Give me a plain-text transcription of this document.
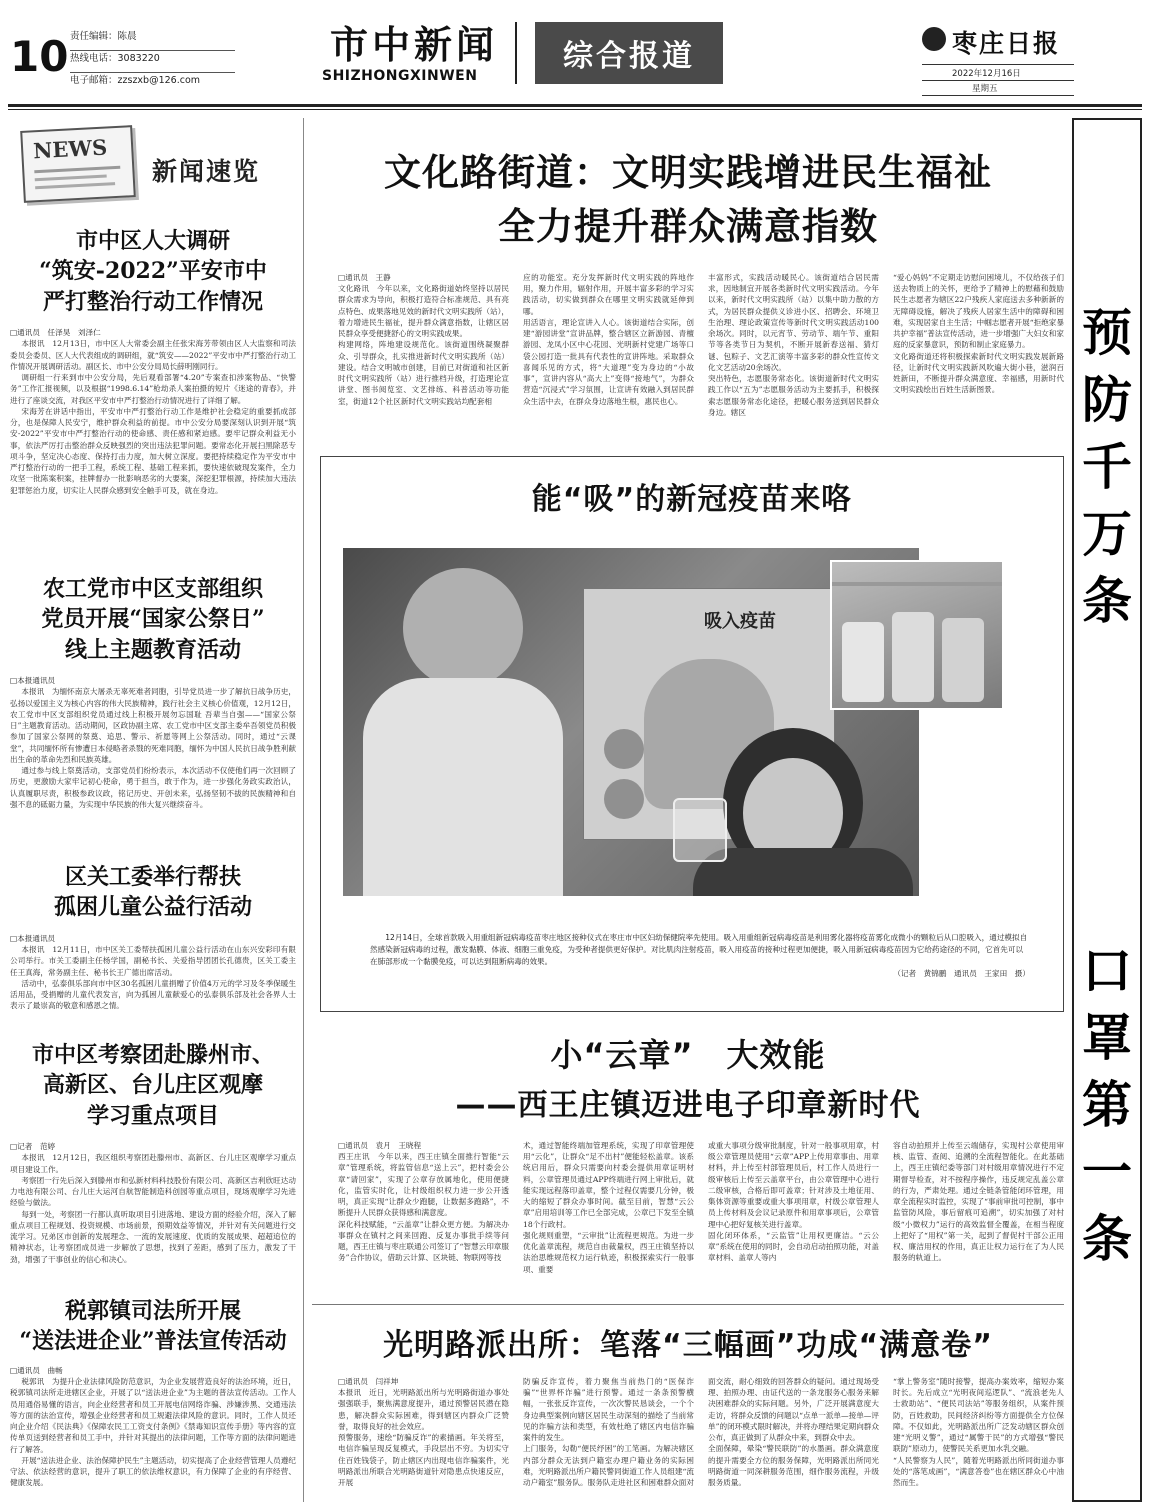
10 责任编辑：陈晨
热线电话：3083220
电子邮箱：zzszxb@126.com
市中新闻
SHIZHONGXINWEN
综合报道	枣庄日报
2022年12月16日
星期五
预
防
千
万
条
口
罩
第
一
条
NEWS
新闻速览
市中区人大调研
“筑安-2022”平安市中
严打整治行动工作情况
□通讯员　任泽昊　刘泽仁

本报讯　12月13日，市中区人大常委会副主任张宋海芳带领由区人大监察和司法委员会委员、区人大代表组成的调研组，就“筑安——2022”平安市中严打整治行动工作情况开展调研活动。副区长、市中公安分局局长薛明刚同行。

调研组一行来到市中公安分局，先后观看部署“4.20”专案查扣涉案物品、“快警务”工作汇报视频，以及根据“1998.6.14”枪劫杀人案拍摄的短片《迷途的青春》，并进行了座谈交流，对我区平安市中严打整治行动情况进行了详细了解。

宋海芳在讲话中指出，平安市中严打整治行动工作是维护社会稳定的重要抓成部分，也是保障人民安宁，维护群众利益的前提。市中公安分局要深刻认识到开展“筑安-2022”平安市中严打整治行动的使命感、责任感和紧迫感。要牢记群众利益无小事，依法严厉打击整治群众反映强烈的突出违法犯罪问题。要常态化开展扫黑除恶专项斗争，坚定决心态度、保持打击力度，加大树立深度。要把持续稳定作为平安市中严打整治行动的一把手工程，系统工程、基础工程来抓，要快速依破现发案件，全力攻坚一批陈案积案，挂牌督办一批影响恶劣的大要案，深挖犯罪根源，持续加大违法犯罪惩治力度，切实让人民群众感到安全触手可及，就在身边。

农工党市中区支部组织
党员开展“国家公祭日”
线上主题教育活动
□本报通讯员

本报讯　为缅怀南京大屠杀无辜死难者同胞，引导党员进一步了解抗日战争历史，弘扬以爱国主义为核心内容的伟大民族精神，践行社会主义核心价值观，12月12日，农工党市中区支部组织党员通过线上积极开展勿忘国耻 吾辈当自强——“国家公祭日”主题教育活动。活动期间，区政协副主席、农工党市中区支部主委牟吾领党员积极参加了国家公祭网的祭奠、追思、警示、祈愿等网上公祭活动。同时，通过“云课堂”，共同缅怀所有惨遭日本侵略者杀戮的死难同胞，缅怀为中国人民抗日战争胜利献出生命的革命先烈和民族英雄。

通过参与线上祭奠活动，支部党员们纷纷表示，本次活动不仅使他们再一次回顾了历史，更激励大家牢记初心使命，勇于担当，敢于作为，进一步强化务政实政治认，认真履职尽责，积极参政议政，铭记历史、开创未来，弘扬坚韧不拔的民族精神和自强不息的砥砺力量，为实现中华民族的伟大复兴继续奋斗。

区关工委举行帮扶
孤困儿童公益行活动
□本报通讯员

本报讯　12月11日，市中区关工委帮扶孤困儿童公益行活动在山东兴安彩印有限公司举行。市关工委副主任杨学国，副秘书长、关爱指导团团长孔德贵，区关工委主任王真海，常务副主任、秘书长王广德出席活动。

活动中，弘泰俱乐部向市中区30名孤困儿童捐赠了价值4万元的学习及冬季保暖生活用品，受捐赠的儿童代表发言，向为孤困儿童献爱心的弘泰俱乐部及社会各界人士表示了最崇高的敬意和感恩之情。

市中区考察团赴滕州市、
高新区、台儿庄区观摩
学习重点项目
□记者　范婷

本报讯　12月12日，我区组织考察团赴滕州市、高新区、台儿庄区观摩学习重点项目建设工作。

考察团一行先后深入到滕州市和弘新材料科技股份有限公司、高新区吉利欣旺达动力电池有限公司、台儿庄大运河自航智能制造科创园等重点项目，现场观摩学习先进经验与做法。

每到一处，考察团一行都认真听取项目引进落地、建设方面的经验介绍，深入了解重点项目工程规划、投资规模、市场前景，预期效益等情况，并针对有关问题进行交流学习。兄弟区市创新的发展理念、一流的发展速度、优质的发展成果、超超追位的精神状态，让考察团成员进一步解放了思想，找到了差距，感到了压力，激发了干劲，增强了干事创业的信心和决心。

税郭镇司法所开展
“送法进企业”普法宣传活动
□通讯员　曲畅

税郭讯　为提升企业法律风险防范意识，为企业发展营造良好的法治环境，近日，税郭镇司法所走进辖区企业，开展了以“送法进企业”为主题的普法宣传活动。工作人员用通俗易懂的语言，向企业经营者和员工开展电信网络诈骗、涉嫌涉黑、交通违法等方面的法治宣传，增强企业经营者和员工规避法律风险的意识。同时，工作人员还向企业介绍《民法典》《保障农民工工资支付条例》《禁毒知识宣传手册》等内容的宣传单页送到经营者和员工手中，并针对其提出的法律问题，工作等方面的法律问题进行了解答。

开展“送法进企业、法治保障护民生”主题活动，切实提高了企业经营管理人员遵纪守法、依法经营的意识，提升了职工的依法维权意识，有力保障了企业的有序经营、健康发展。

文化路街道：文明实践增进民生福祉
全力提升群众满意指数
□通讯员　王静
文化路讯　今年以来，文化路街道始终坚持以居民群众需求为导向，积极打造符合标准规范、具有亮点特色、成果落地见效的新时代文明实践所（站），着力增进民生福祉，提升群众满意指数，让辖区居民群众享受便捷舒心的文明实践成果。
构建网络，阵地建设规范化。该街道围绕凝聚群众、引导群众，扎实推进新时代文明实践所（站）建设。结合文明城市创建，目前已对街道和社区新时代文明实践所（站）进行推档升级，打造理论宣讲堂、图书阅览室、文艺排练、科普活动等功能室，街道12个社区新时代文明实践站均配套相
应的功能室。充分发挥新时代文明实践的阵地作用，聚力作用，辐射作用，开展丰富多彩的学习实践活动，切实做到群众在哪里文明实践就延伸到哪。
用活语言，理论宣讲入人心。该街道结合实际，创建“游园讲堂”宣讲品牌，整合辖区立新游园、青檀游园、龙凤小区中心花园、光明新村党建广场等口袋公园打造一批具有代表性的宣讲阵地。采取群众喜闻乐见的方式，将“大道理”变为身边的“小故事”，宣讲内容从“高大上”变得“接地气”，为群众营造“沉浸式”学习氛围，让宣讲有效融入到居民群众生活中去，在群众身边落地生根，惠民也心。
丰富形式，实践活动暖民心。该街道结合居民需求，因地制宜开展各类新时代文明实践活动。今年以来，新时代文明实践所（站）以集中助力散的方式，为居民群众提供义诊进小区、招聘会、环境卫生治理、理论政策宣传等新时代文明实践活动100余场次。同时，以元宵节、劳动节、端午节、重阳节等各类节日为契机，不断开展新春送福、猜灯谜、包粽子、文艺汇演等丰富多彩的群众性宣传文化文艺活动20余场次。
突出特色，志愿服务常态化。该街道新时代文明实践工作以“五为”志愿服务活动为主要抓手，积极探索志愿服务常态化途径，把暖心服务送到居民群众身边。辖区
“爱心妈妈”不定期走访慰问困境儿，不仅给孩子们送去物质上的关怀，更给予了精神上的慰藉和鼓励民生志愿者为辖区22户残疾人家庭送去多种新新的无障碍设施，解决了残疾人居家生活中的障碍和困难，实现居家自主生活；中帼志愿者开展“拒绝家暴共护幸福”普法宣传活动，进一步增强广大妇女和家庭的反家暴意识，预防和制止家庭暴力。
文化路街道还将积极探索新时代文明实践发展新路径，让新时代文明实践新风吹遍大街小巷，滋润百姓新田，不断提升群众满意度、幸福感，用新时代文明实践绘出百姓生活新图景。
能“吸”的新冠疫苗来咯
吸入疫苗
12月14日，全球首款吸入用重组新冠病毒疫苗枣庄地区接种仪式在枣庄市中区妇幼保健院率先使用。吸入用重组新冠病毒疫苗是利用雾化器将疫苗雾化成微小的颗粒后从口腔吸入，通过模拟自然感染新冠病毒的过程，激发黏膜、体液、细胞三重免疫，为受种者提供更好保护。对比肌肉注射疫苗，吸入用疫苗的接种过程更加便捷，吸入用新冠病毒疫苗因为它给药途径的不同，它首先可以在肺部形成一个黏膜免疫，可以达到阻断病毒的效果。
（记者　黄锦鹏　通讯员　王家田　摄）
小“云章”　大效能
——西王庄镇迈进电子印章新时代
□通讯员　袁月　王晓程
西王庄讯　今年以来，西王庄镇全面推行智能“云章”管理系统，将监管信息“送上云”，把村委会公章“请回家”，实现了公章存放属地化，使用便捷化，监管实时化，让村级组织权力进一步公开透明，真正实现“让群众少跑腿，让数据多跑路”，不断提升人民群众获得感和满意度。
深化科技赋能，“云盖章”让群众更方便。为解决办事群众在镇村之间来回跑、反复办事批手续等问题，西王庄镇与枣庄联通公司签订了“智慧云印章服务”合作协议，借助云计算、区块链、物联网等技
术，通过智能终端加管理系统，实现了印章管理使用“云化”，让群众“足不出村”便能轻松盖章。该系统启用后，群众只需要向村委会提供用章证明材料，公章管理员通过APP终端进行网上审批后，就能实现远程落印盖章，整个过程仅需要几分钟，极大的缩短了群众办事时间。截至目前，智慧“云公章”启用培训等工作已全部完成，公章已下发至全镇18个行政村。
强化规则重塑，“云审批”让流程更规范。为进一步优化盖章流程，规范自由裁量权，西王庄镇坚持以法治思维规范权力运行轨迹，积极探索实行一般事项、重要
或重大事项分级审批制度，针对一般事项用章，村级公章管理员使用“云章”APP上传用章事由、用章材料，并上传至村部管理员后，村工作人员进行一级审核后上传至云盖章平台，由公章管理中心进行二级审核，合格后即可盖章；针对涉及土地征用、集体资源等重要或重大事项用章，村级公章管理人员上传材料及会议记录原件和用章事项后，公章管理中心把好复核关进行盖章。
固化闭环体系，“云监管”让用权更廉洁。“云公章”系统在使用的同时，会自动启动拍照功能，对盖章材料、盖章人等内
容自动拍照并上传至云端储存，实现村公章使用审核、监管、查阅、追溯的全流程智能化。在此基础上，西王庄镇纪委等部门对村级用章情况进行不定期督导检查，对不按程序操作，违反规定乱盖公章的行为，严肃处理。通过全链条管能闭环管理，用章全流程实时监控，实现了“事前审批可控制，事中监管防风险，事后留痕可追溯”，切实加强了对村级“小微权力”运行的高效监督全覆盖，在相当程度上把好了“用权”第一关，起到了督促村干部公正用权、廉洁用权的作用，真正让权力运行在了为人民服务的轨道上。
光明路派出所：笔落“三幅画”功成“满意卷”
□通讯员　闫祥坤
本报讯　近日，光明路派出所与光明路街道办事处强强联手，聚焦满意度提升，通过预警居民潜在隐患，解决群众实际困难，得到辖区内群众广泛赞誉，取得良好的社会效应。
预警服务，速绘“防骗反诈”的素描画。年关将至，电信诈骗呈现反复模式，手段层出不穷。为切实守住百姓钱袋子，防止辖区内出现电信诈骗案件，光明路派出所联合光明路街道针对隐患点快速反应，开展
防骗反诈宣传，着力聚焦当前热门的“医保诈骗”“世界杯诈骗”进行预警。通过一条条预警横幅，一张张反诈宣传，一次次警民恳谈会，一个个身边典型案例向辖区居民生动深刻的描绘了当前常见的诈骗方法和类型，有效杜绝了辖区内电信诈骗案件的发生。
上门服务，勾勒“便民纾困”的工笔画。为解决辖区内部分群众无法到户籍室办理户籍业务的实际困难，光明路派出所户籍民警同街道工作人员组建“流动户籍室”服务队。服务队走进社区和困难群众面对
面交流，耐心细致的回答群众的疑问。通过现场受理、拍照办理、由证代送的一条龙服务心服务来解决困难群众的实际问题。另外，广泛开展满意度大走访，将群众反馈的问题以“点单一派单—接单—评单”的闭环模式限时解决，并将办理结果定期向群众公布，真正做到了从群众中来，到群众中去。
全面保障，晕染“警民联防”的水墨画。群众满意度的提升需要全方位的服务保障，光明路派出所同光明路街道一同深耕服务范围，细作服务流程，升级服务质量。
“掌上警务室”随时接警，提高办案效率，缩短办案时长。先后成立“光明夜间巡逻队”、“流浪老先人士救助站”、“便民司法站”等服务组织，从案件预防，百姓救助，民间经济纠纷等方面提供全方位保障。不仅如此，光明路派出所广泛发动辖区群众创建“光明义警”，通过“属警于民”的方式增强“警民联防”原动力，使警民关系更加水乳交融。
“人民警察为人民”，随着光明路派出所同街道办事处的“落笔成画”，“满意答卷”也在辖区群众心中油然而生。
